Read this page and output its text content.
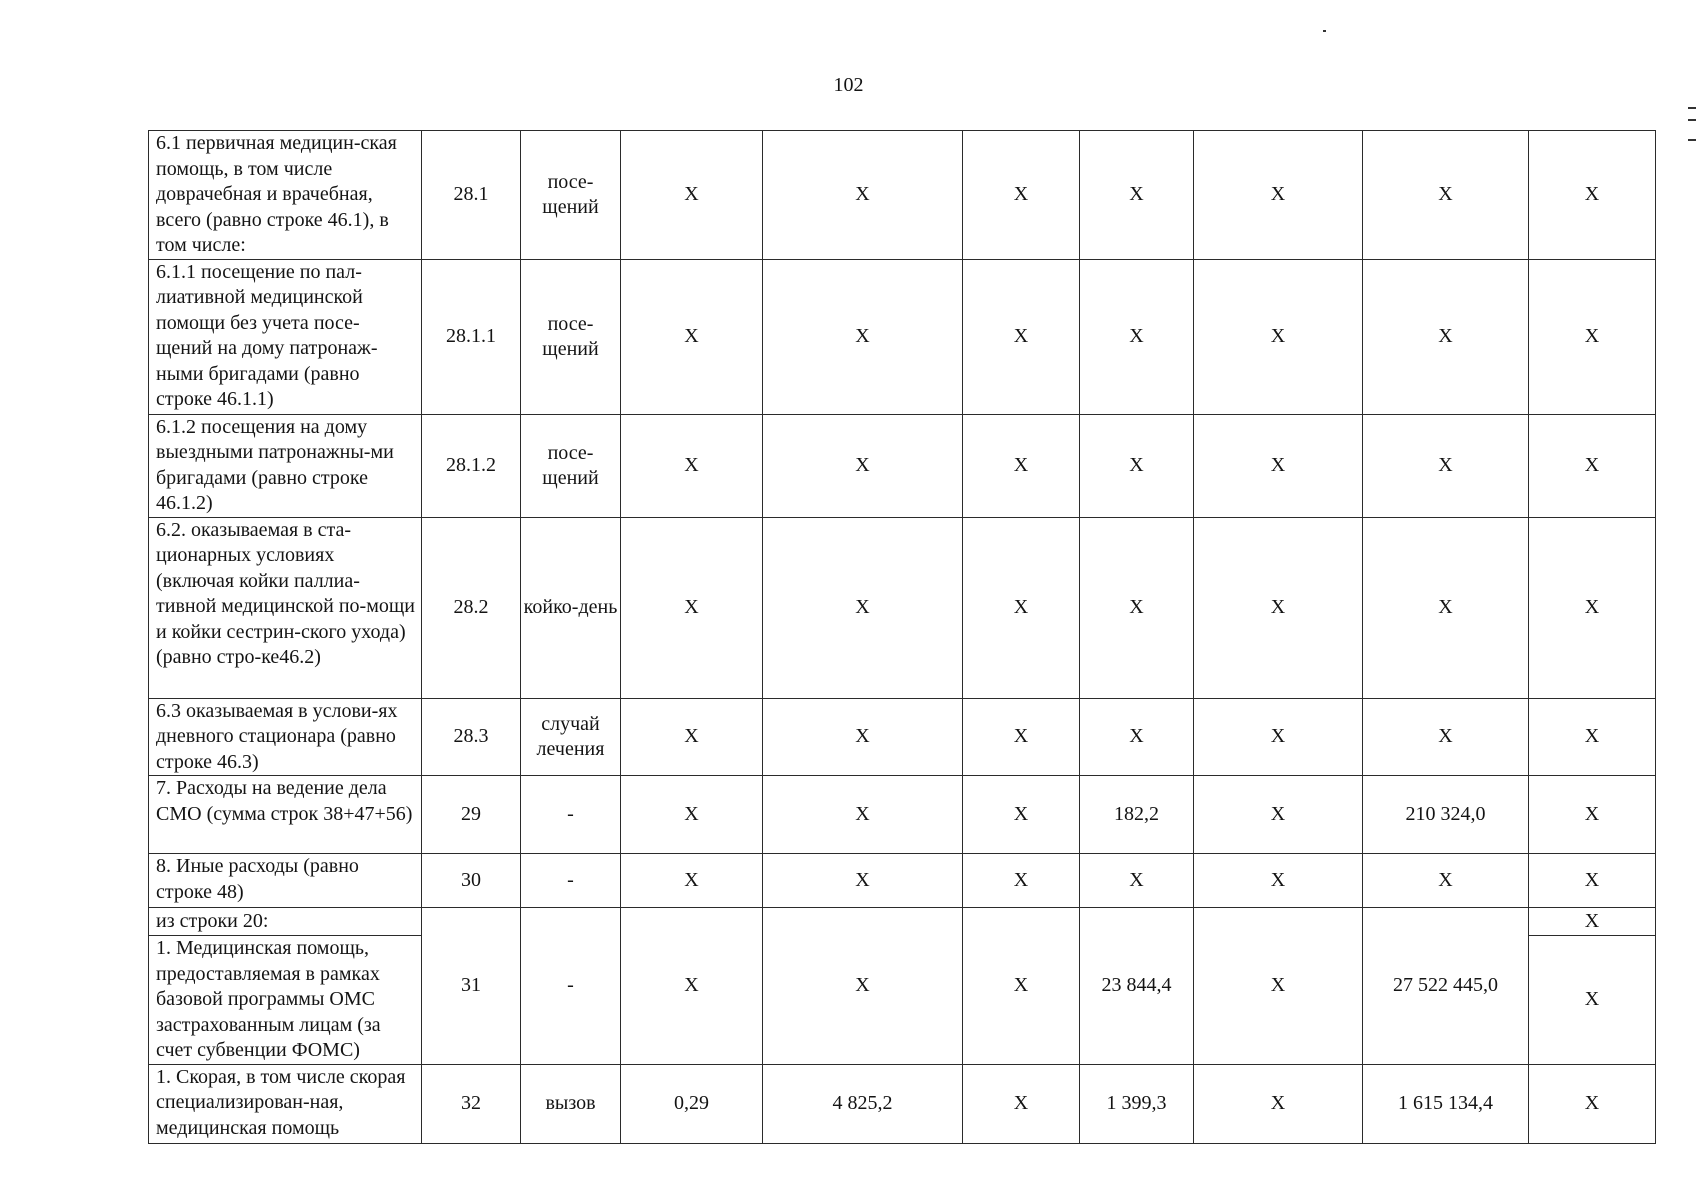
102
6.1 первичная медицин-ская помощь, в том числе доврачебная и врачебная, всего (равно строке 46.1), в том числе:	28.1	посе-щений	Х	Х	Х	Х	Х	Х	Х
6.1.1 посещение по пал-лиативной медицинской помощи без учета посе-щений на дому патронаж-ными бригадами (равно строке 46.1.1)	28.1.1	посе-щений	Х	Х	Х	Х	Х	Х	Х
6.1.2 посещения на дому выездными патронажны-ми бригадами (равно строке 46.1.2)	28.1.2	посе-щений	Х	Х	Х	Х	Х	Х	Х
6.2. оказываемая в ста-ционарных условиях (включая койки паллиа-тивной медицинской по-мощи и койки сестрин-ского ухода) (равно стро-ке46.2)	28.2	койко-день	Х	Х	Х	Х	Х	Х	Х
6.3 оказываемая в услови-ях дневного стационара (равно строке 46.3)	28.3	случай лечения	Х	Х	Х	Х	Х	Х	Х
7. Расходы на ведение дела СМО (сумма строк 38+47+56)	29	-	Х	Х	Х	182,2	Х	210 324,0	Х
8. Иные расходы (равно строке 48)	30	-	Х	Х	Х	Х	Х	Х	Х
из строки 20:	31	-	Х	Х	Х	23 844,4	Х	27 522 445,0	Х
1. Медицинская помощь, предоставляемая в рамках базовой программы ОМС застрахованным лицам (за счет субвенции ФОМС)									Х
1. Скорая, в том числе скорая специализирован-ная, медицинская помощь	32	вызов	0,29	4 825,2	Х	1 399,3	Х	1 615 134,4	Х
